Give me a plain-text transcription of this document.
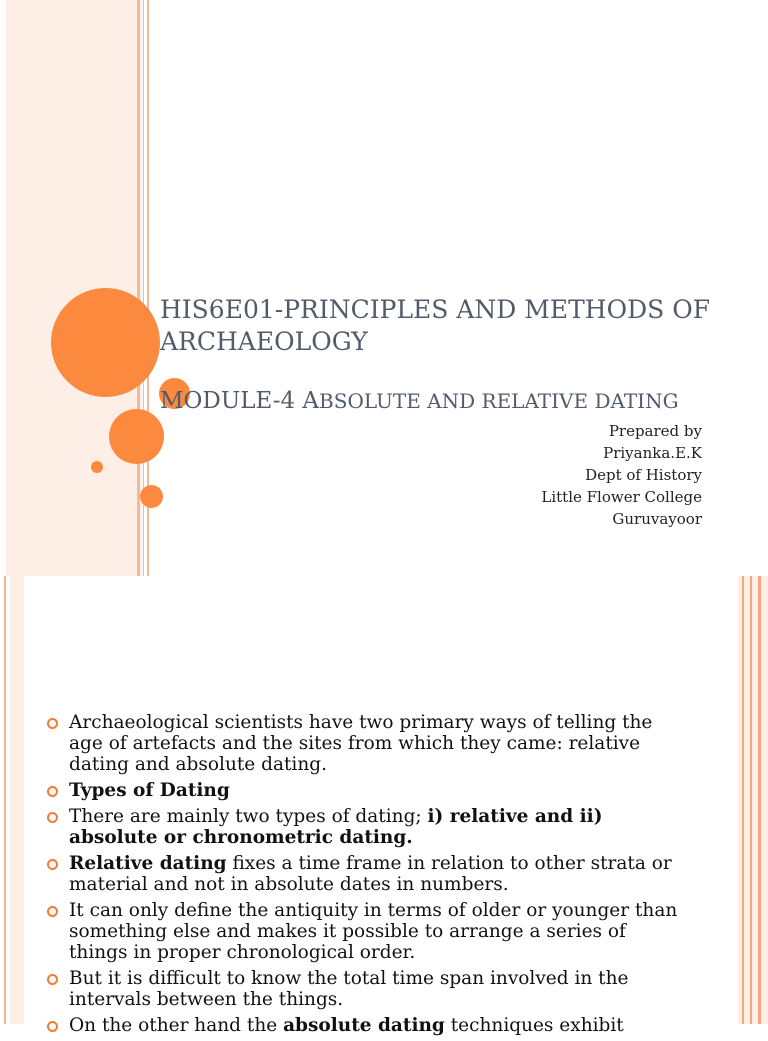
HIS6E01-PRINCIPLES AND METHODS OF ARCHAEOLOGY
MODULE-4 ABSOLUTE AND RELATIVE DATING
Prepared by
Priyanka.E.K
Dept of History
Little Flower College
Guruvayoor
Archaeological scientists have two primary ways of telling the age of artefacts and the sites from which they came: relative dating and absolute dating.
Types of Dating
There are mainly two types of dating; i) relative and ii) absolute or chronometric dating.
Relative dating fixes a time frame in relation to other strata or material and not in absolute dates in numbers.
It can only define the antiquity in terms of older or younger than something else and makes it possible to arrange a series of things in proper chronological order.
But it is difficult to know the total time span involved in the intervals between the things.
On the other hand the absolute dating techniques exhibit
